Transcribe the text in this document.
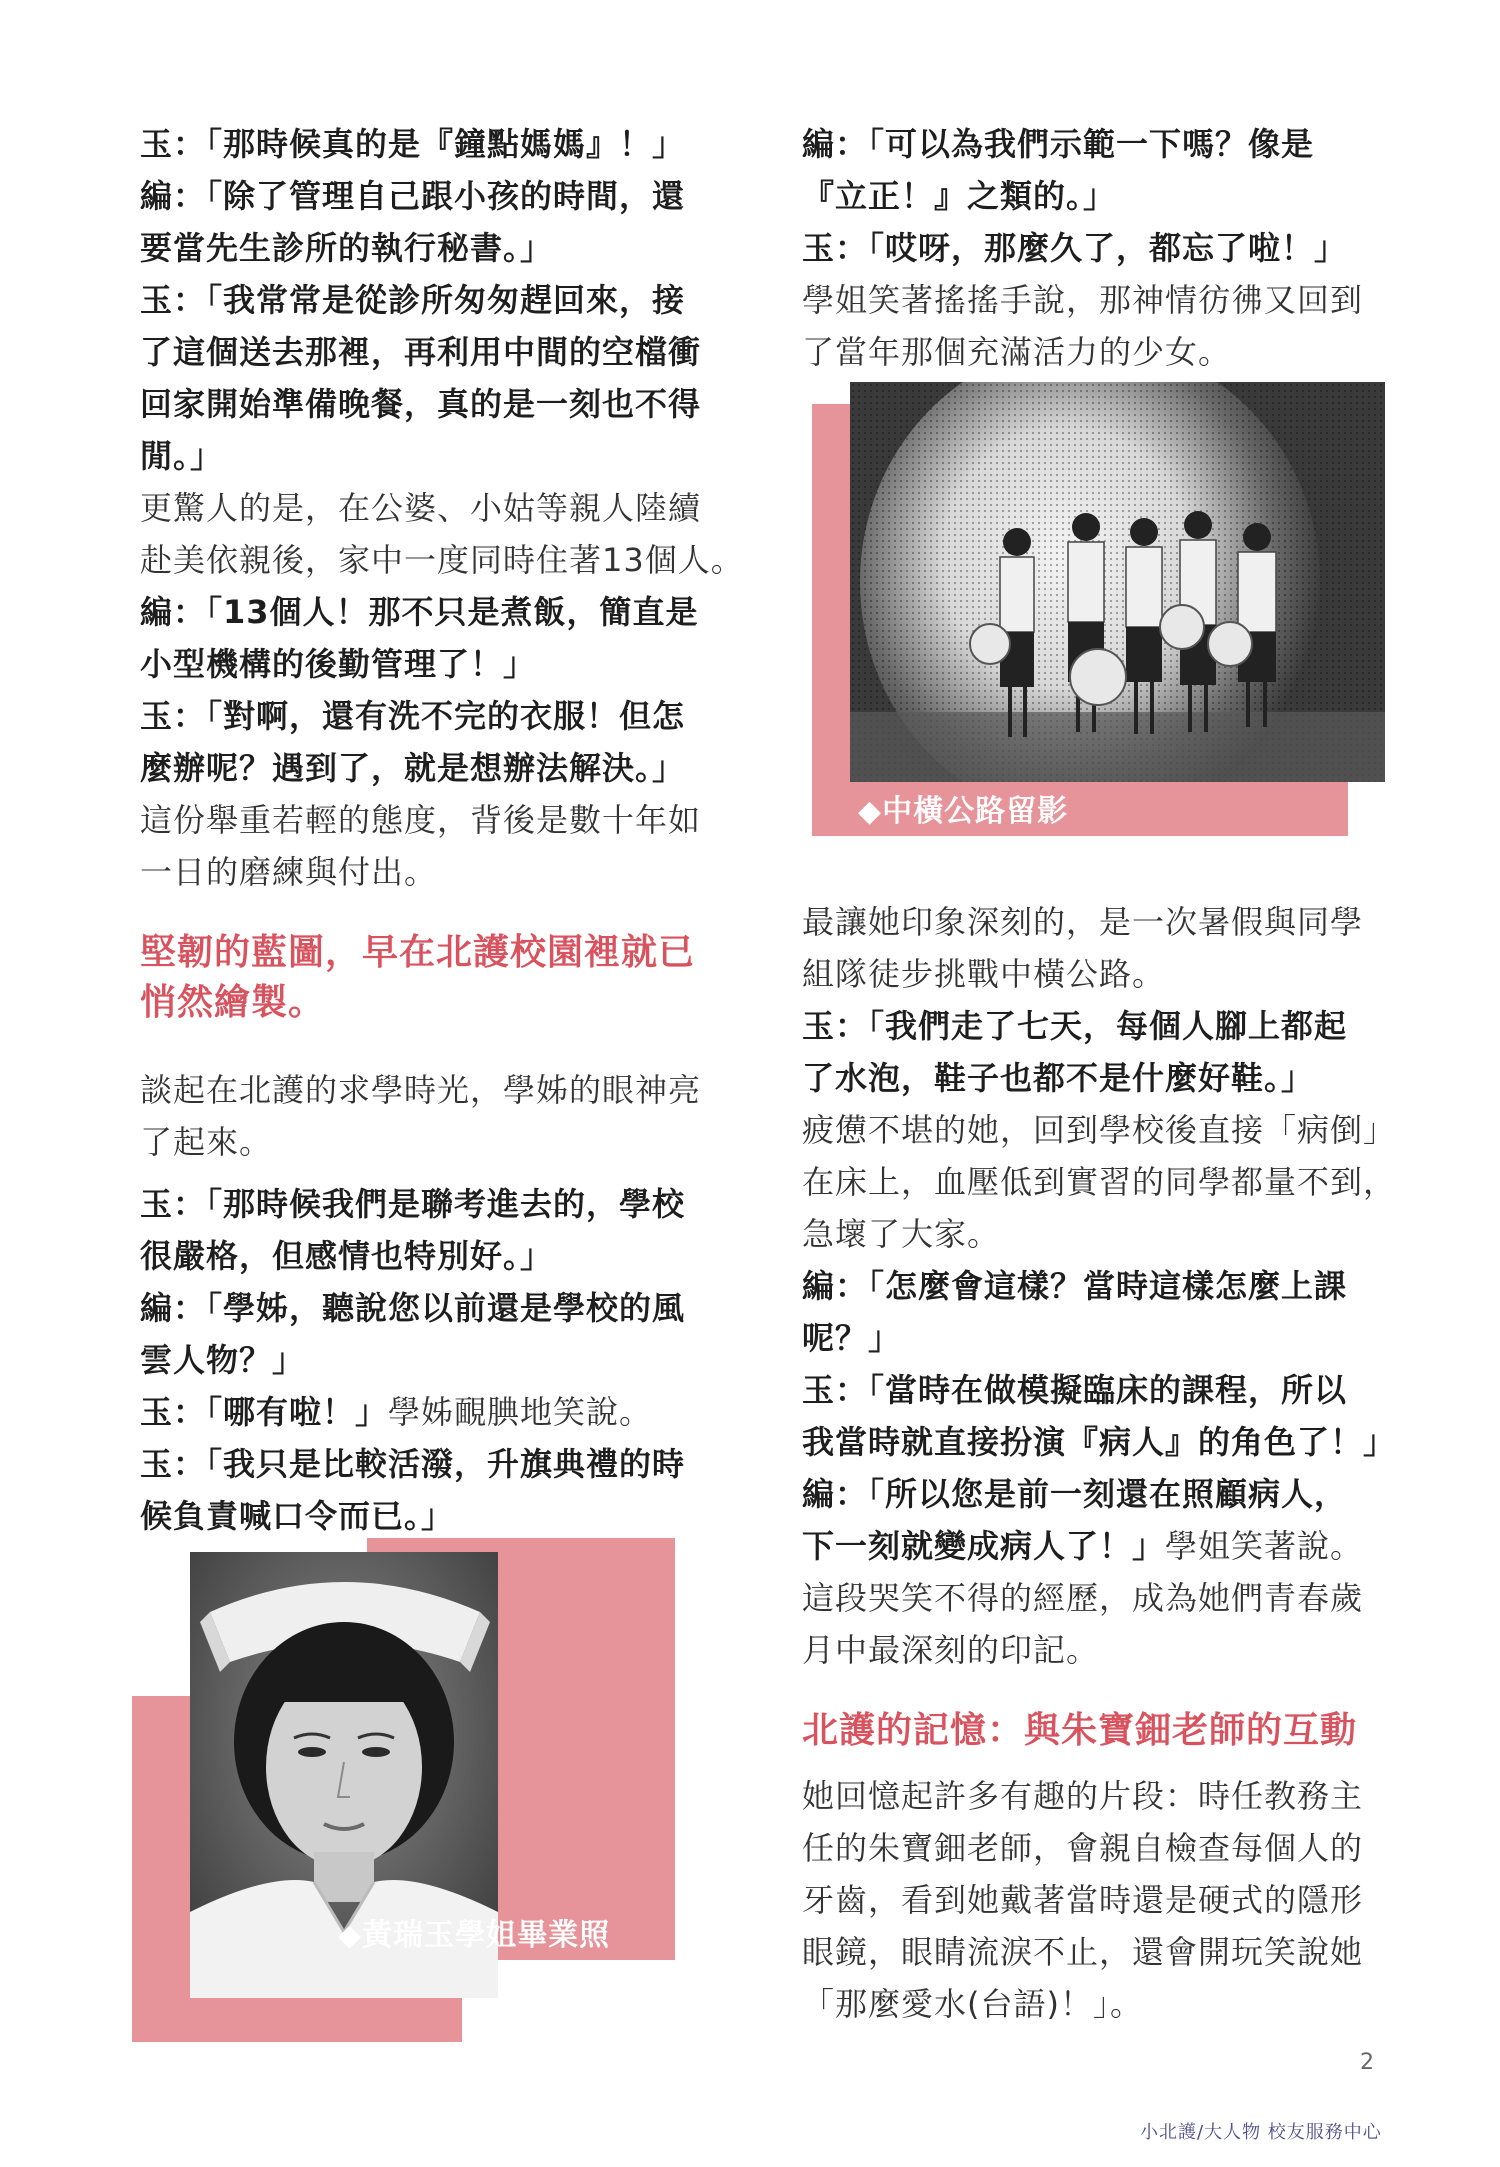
玉：「那時候真的是『鐘點媽媽』！」

編：「除了管理自己跟小孩的時間，還

要當先生診所的執行秘書。」

玉：「我常常是從診所匆匆趕回來，接

了這個送去那裡，再利用中間的空檔衝

回家開始準備晚餐，真的是一刻也不得

閒。」

更驚人的是，在公婆、小姑等親人陸續

赴美依親後，家中一度同時住著13個人。

編：「13個人！那不只是煮飯，簡直是

小型機構的後勤管理了！」

玉：「對啊，還有洗不完的衣服！但怎

麼辦呢？遇到了，就是想辦法解決。」

這份舉重若輕的態度，背後是數十年如

一日的磨練與付出。

堅韌的藍圖，早在北護校園裡就已

悄然繪製。

談起在北護的求學時光，學姊的眼神亮

了起來。

玉：「那時候我們是聯考進去的，學校

很嚴格，但感情也特別好。」

編：「學姊，聽說您以前還是學校的風

雲人物？」

玉：「哪有啦！」學姊靦腆地笑說。

玉：「我只是比較活潑，升旗典禮的時

候負責喊口令而已。」

◆黃瑞玉學姐畢業照

編：「可以為我們示範一下嗎？像是

『立正！』之類的。」

玉：「哎呀，那麼久了，都忘了啦！」

學姐笑著搖搖手說，那神情彷彿又回到

了當年那個充滿活力的少女。

◆中橫公路留影

最讓她印象深刻的，是一次暑假與同學

組隊徒步挑戰中橫公路。

玉：「我們走了七天，每個人腳上都起

了水泡，鞋子也都不是什麼好鞋。」

疲憊不堪的她，回到學校後直接「病倒」

在床上，血壓低到實習的同學都量不到，

急壞了大家。

編：「怎麼會這樣？當時這樣怎麼上課

呢？」

玉：「當時在做模擬臨床的課程，所以

我當時就直接扮演『病人』的角色了！」

編：「所以您是前一刻還在照顧病人，

下一刻就變成病人了！」學姐笑著說。

這段哭笑不得的經歷，成為她們青春歲

月中最深刻的印記。

北護的記憶：與朱寶鈿老師的互動

她回憶起許多有趣的片段：時任教務主

任的朱寶鈿老師，會親自檢查每個人的

牙齒，看到她戴著當時還是硬式的隱形

眼鏡，眼睛流淚不止，還會開玩笑說她

「那麼愛水(台語)！」。

2
小北護/大人物 校友服務中心
